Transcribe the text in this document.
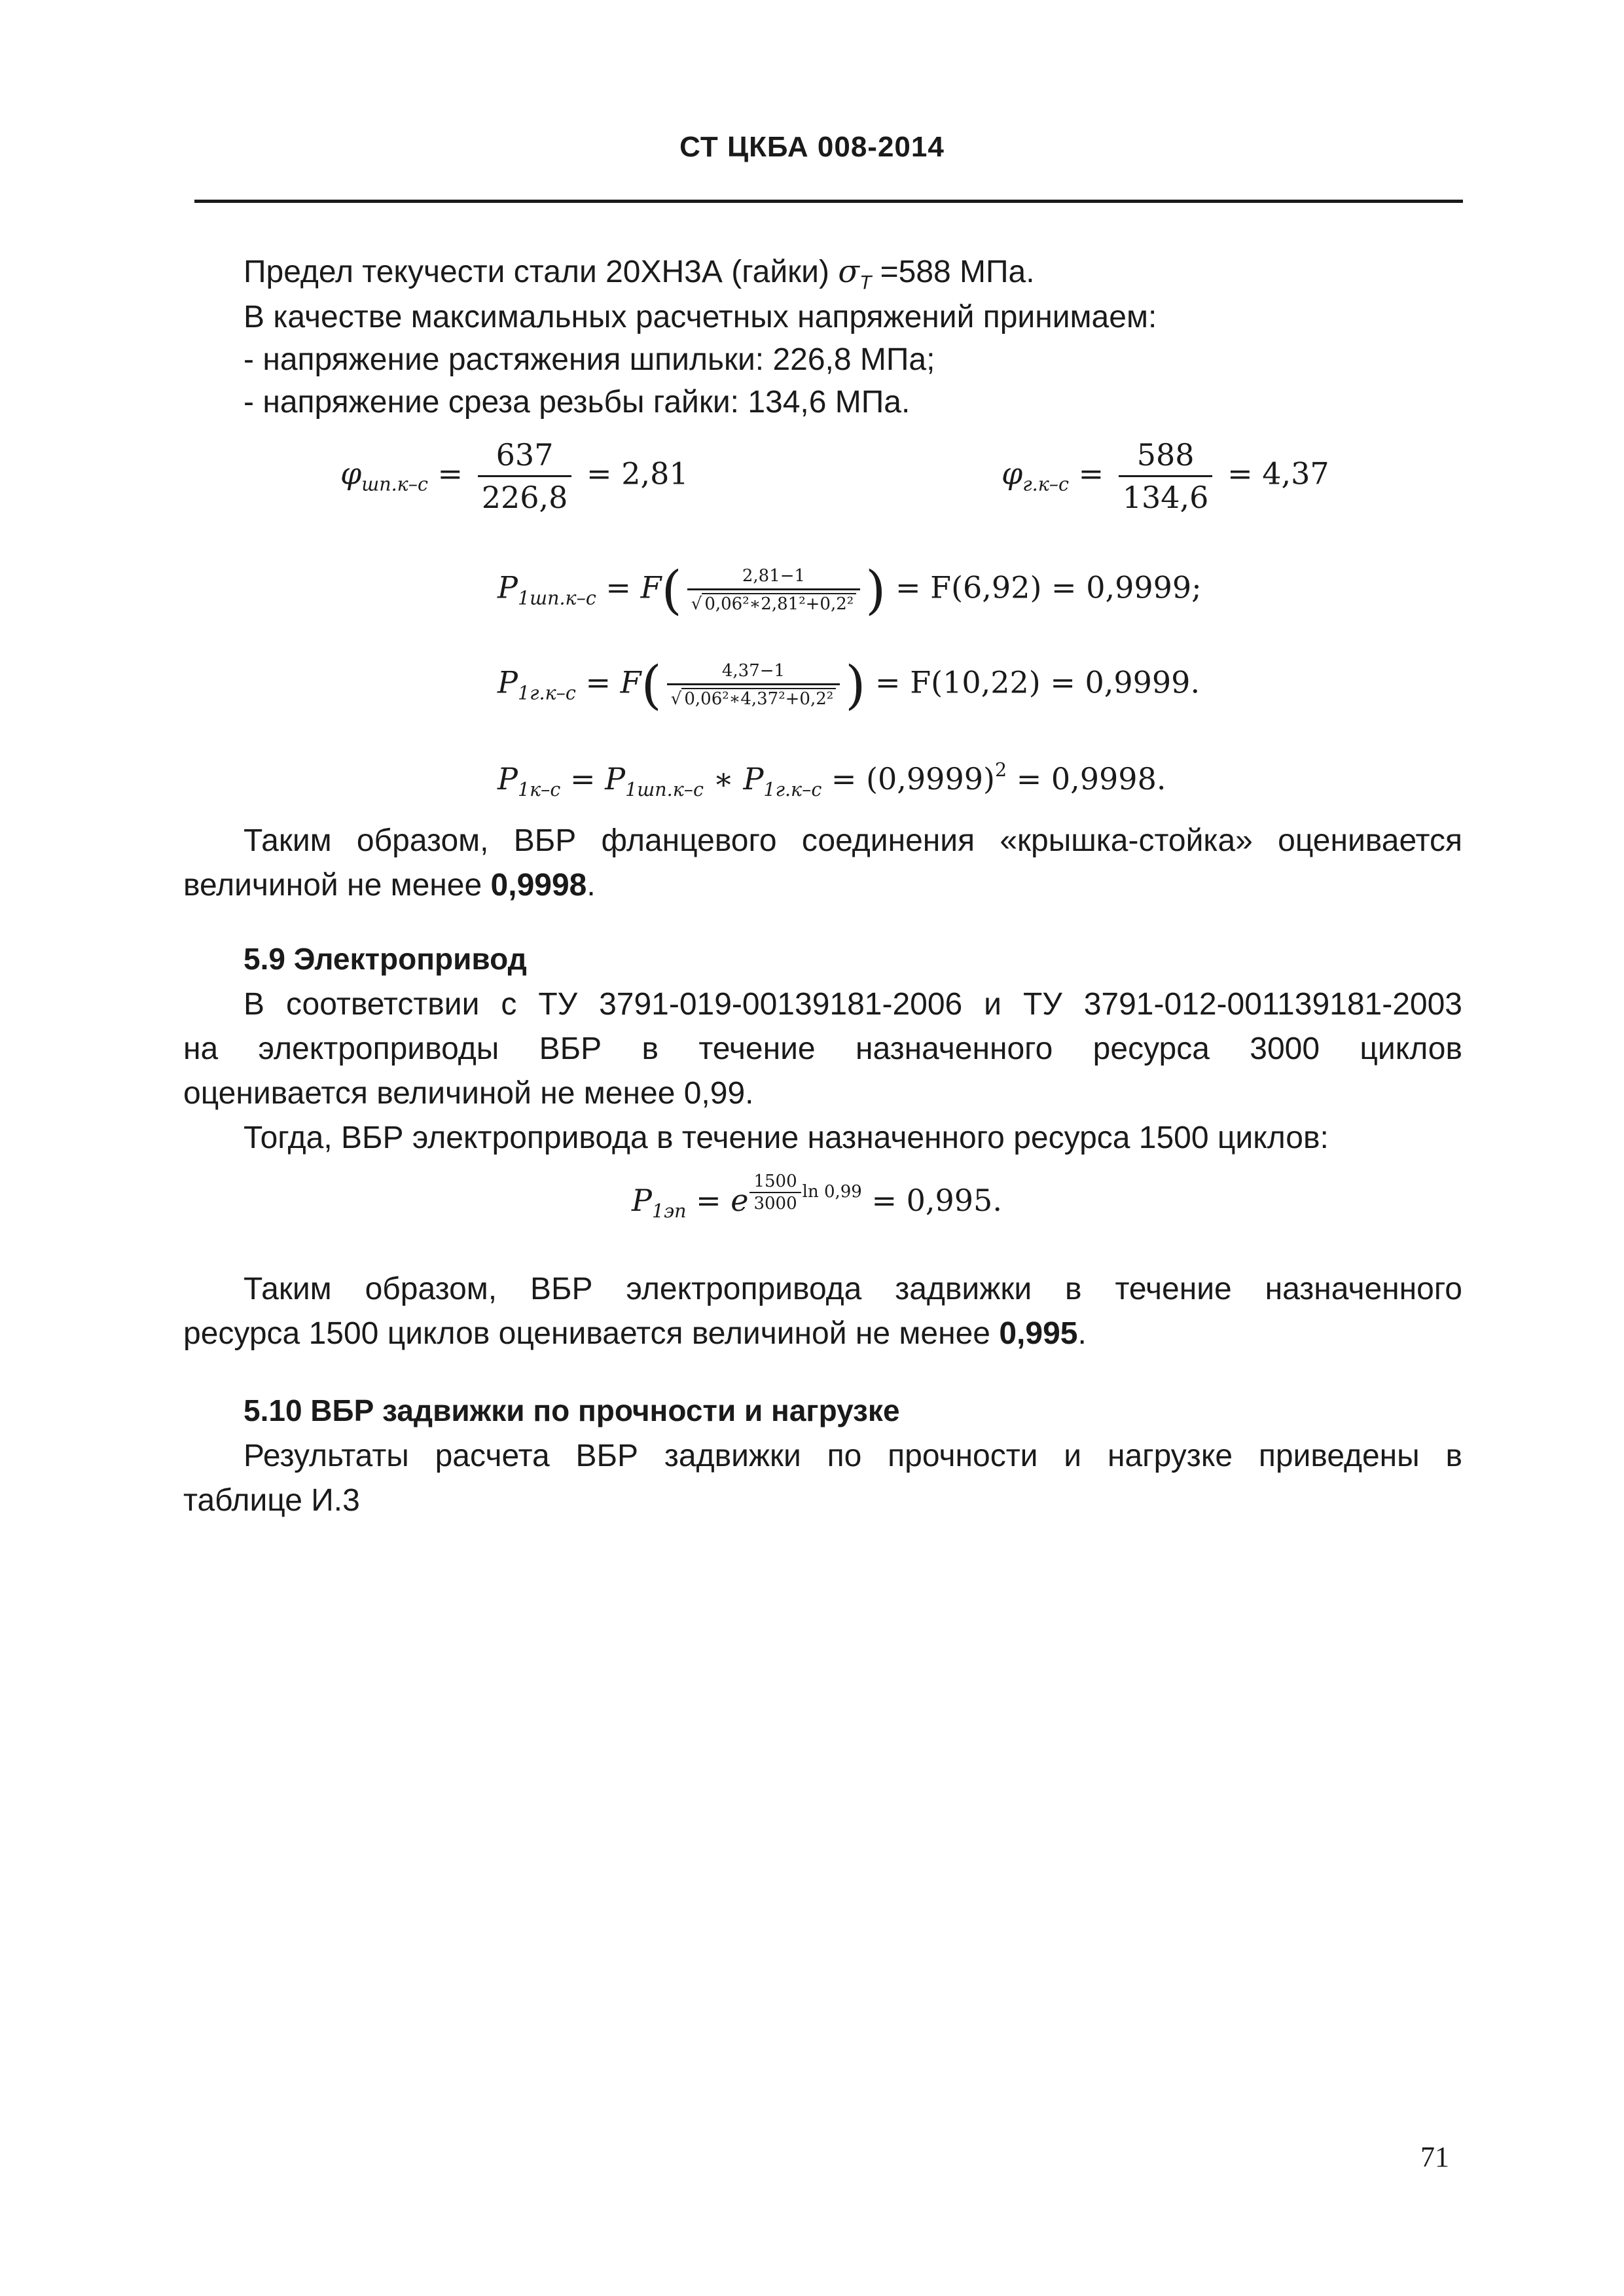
СТ ЦКБА 008-2014
Предел текучести стали 20ХН3А (гайки) $\sigma_Т =588$ МПа.
В качестве максимальных расчетных напряжений принимаем:
- напряжение растяжения шпильки: 226,8 МПа;
- напряжение среза резьбы гайки: 134,6 МПа.
$\varphi_{шп.к-с} = \frac{637}{226,8} = 2,81$	$\varphi_{г.к-с} = \frac{588}{134,6} = 4,37$
$P_{1шп.к-с} = F( \frac{2,81-1}{\text{√ 0,06²∗2,81²+0,2²}}$ ) = F(6,92) = 0,9999;
$P_{1г.к-с} = F( \frac{4,37-1}{\text{√ 0,06²∗4,37²+0,2²}}$ ) = F(10,22) = 0,9999.
$P_{1к-с} = P_{1шп.к-с}$ ∗ $P_{1г.к-с} = (0,9999)^2 = 0,9998$.
Таким образом, ВБР фланцевого соединения «крышка-стойка» оценивается
величиной не менее 0,9998.
5.9 Электропривод
В соответствии с ТУ 3791-019-00139181-2006 и ТУ 3791-012-001139181-2003
на электроприводы ВБР в течение назначенного ресурса 3000 циклов
оценивается величиной не менее 0,99.
Тогда, ВБР электропривода в течение назначенного ресурса 1500 циклов:
$P_{1эп} = e \frac{1500}{3000}$ ln 0,99 = 0,995.
Таким образом, ВБР электропривода задвижки в течение назначенного
ресурса 1500 циклов оценивается величиной не менее 0,995.
5.10 ВБР задвижки по прочности и нагрузке
Результаты расчета ВБР задвижки по прочности и нагрузке приведены в
таблице И.3
71
